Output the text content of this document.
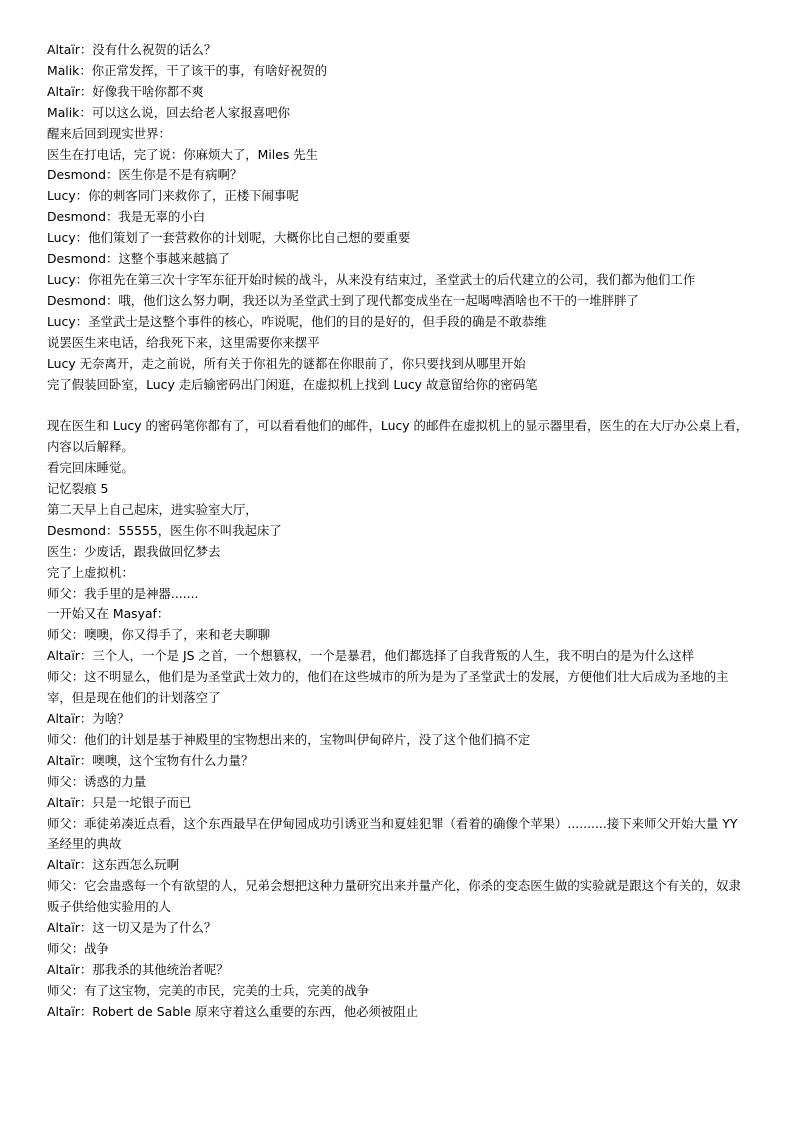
Altaïr：没有什么祝贺的话么？

Malik：你正常发挥，干了该干的事，有啥好祝贺的

Altaïr：好像我干啥你都不爽

Malik：可以这么说，回去给老人家报喜吧你

醒来后回到现实世界：

医生在打电话，完了说：你麻烦大了，Miles 先生

Desmond：医生你是不是有病啊？

Lucy：你的刺客同门来救你了，正楼下闹事呢

Desmond：我是无辜的小白

Lucy：他们策划了一套营救你的计划呢，大概你比自己想的要重要

Desmond：这整个事越来越搞了

Lucy：你祖先在第三次十字军东征开始时候的战斗，从来没有结束过，圣堂武士的后代建立的公司，我们都为他们工作

Desmond：哦，他们这么努力啊，我还以为圣堂武士到了现代都变成坐在一起喝啤酒啥也不干的一堆胖胖了

Lucy：圣堂武士是这整个事件的核心，咋说呢，他们的目的是好的，但手段的确是不敢恭维

说罢医生来电话，给我死下来，这里需要你来摆平

Lucy 无奈离开，走之前说，所有关于你祖先的谜都在你眼前了，你只要找到从哪里开始

完了假装回卧室，Lucy 走后输密码出门闲逛，在虚拟机上找到 Lucy 故意留给你的密码笔

现在医生和 Lucy 的密码笔你都有了，可以看看他们的邮件，Lucy 的邮件在虚拟机上的显示器里看，医生的在大厅办公桌上看，内容以后解释。

看完回床睡觉。

记忆裂痕 5

第二天早上自己起床，进实验室大厅，

Desmond：55555，医生你不叫我起床了

医生：少废话，跟我做回忆梦去

完了上虚拟机：

师父：我手里的是神器.......

一开始又在 Masyaf：

师父：噢噢，你又得手了，来和老夫聊聊

Altaïr：三个人，一个是 JS 之首，一个想篡权，一个是暴君，他们都选择了自我背叛的人生，我不明白的是为什么这样

师父：这不明显么，他们是为圣堂武士效力的，他们在这些城市的所为是为了圣堂武士的发展，方便他们壮大后成为圣地的主宰，但是现在他们的计划落空了

Altaïr：为啥？

师父：他们的计划是基于神殿里的宝物想出来的，宝物叫伊甸碎片，没了这个他们搞不定

Altaïr：噢噢，这个宝物有什么力量？

师父：诱惑的力量

Altaïr：只是一坨银子而已

师父：乖徒弟凑近点看，这个东西最早在伊甸园成功引诱亚当和夏娃犯罪（看着的确像个苹果）..........接下来师父开始大量 YY 圣经里的典故

Altaïr：这东西怎么玩啊

师父：它会蛊惑每一个有欲望的人，兄弟会想把这种力量研究出来并量产化，你杀的变态医生做的实验就是跟这个有关的，奴隶贩子供给他实验用的人

Altaïr：这一切又是为了什么？

师父：战争

Altaïr：那我杀的其他统治者呢？

师父：有了这宝物，完美的市民，完美的士兵，完美的战争

Altaïr：Robert de Sable 原来守着这么重要的东西，他必须被阻止
